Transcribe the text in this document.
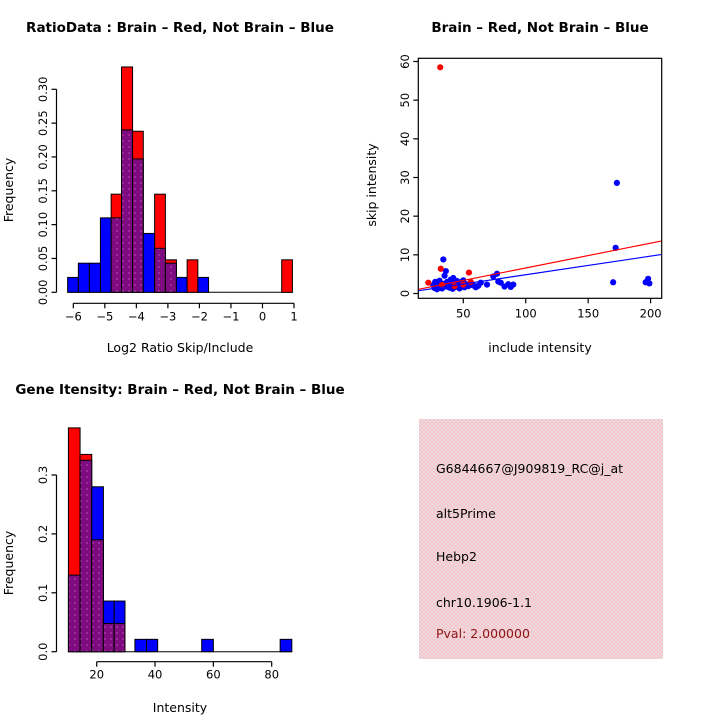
0.00
0.05
0.10
0.15
0.20
0.25
0.30
−6 −5 −4 −3 −2 −1 0 1
RatioData : Brain – Red, Not Brain – Blue
Frequency
Log2 Ratio Skip/Include
50	100	150	200
0
10
20
30
40
50
60
Brain – Red, Not Brain – Blue
skip intensity
include intensity
0.0
0.1
0.2
0.3
20	40	60	80
Gene Itensity: Brain – Red, Not Brain – Blue
Frequency
Intensity
G6844667@J909819_RC@j_at
alt5Prime
Hebp2
chr10.1906-1.1
Pval: 2.000000
